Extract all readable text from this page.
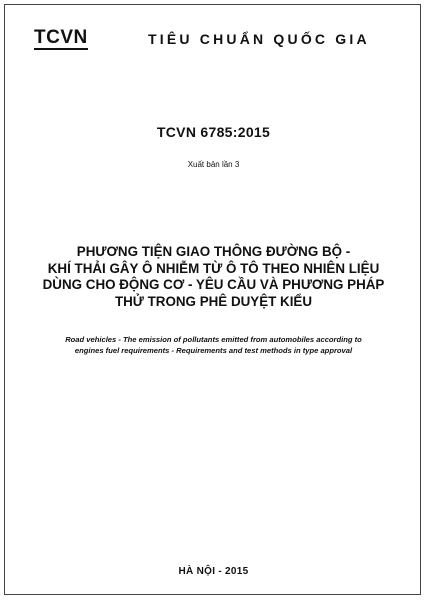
TCVN	TIÊU CHUẨN QUỐC GIA
TCVN 6785:2015
Xuất bản lần 3
PHƯƠNG TIỆN GIAO THÔNG ĐƯỜNG BỘ -
KHÍ THẢI GÂY Ô NHIỄM TỪ Ô TÔ THEO NHIÊN LIỆU
DÙNG CHO ĐỘNG CƠ - YÊU CẦU VÀ PHƯƠNG PHÁP
THỬ TRONG PHÊ DUYỆT KIỂU
Road vehicles - The emission of pollutants emitted from automobiles according to
engines fuel requirements - Requirements and test methods in type approval
HÀ NỘI - 2015
